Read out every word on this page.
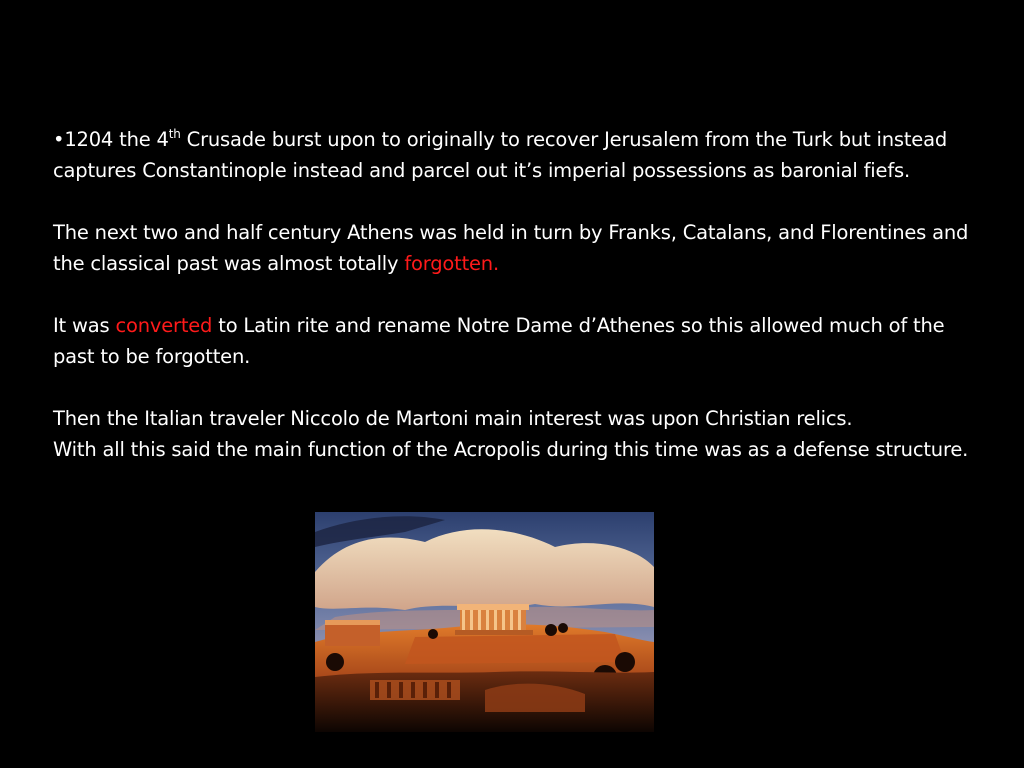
•1204 the 4th Crusade burst upon to originally to recover Jerusalem from the Turk but instead captures Constantinople instead and parcel out it’s imperial possessions as baronial fiefs.

The next two and half century Athens was held in turn by Franks, Catalans, and Florentines and the classical past was almost totally forgotten.

It was converted to Latin rite and rename Notre Dame d’Athenes so this allowed much of the past to be forgotten.

Then the Italian traveler Niccolo de Martoni main interest was upon Christian relics.
With all this said the main function of the Acropolis during this time was as a defense structure.
